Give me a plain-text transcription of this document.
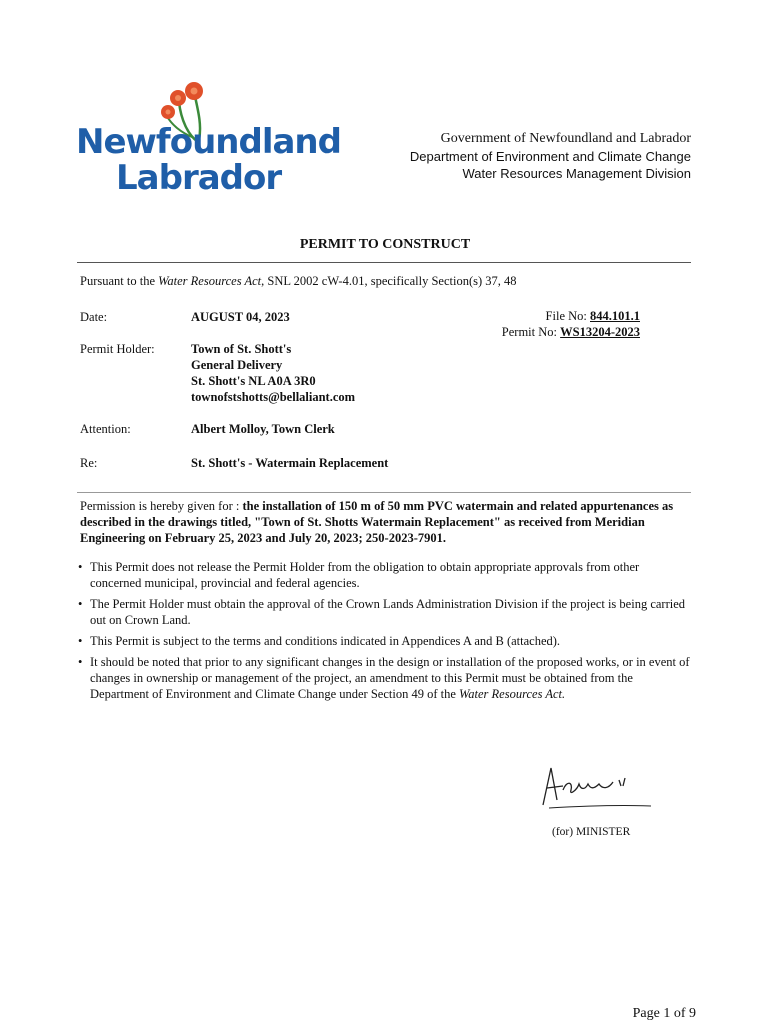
Newfoundland
Labrador
Government of Newfoundland and Labrador
Department of Environment and Climate Change
Water Resources Management Division
PERMIT TO CONSTRUCT
Pursuant to the Water Resources Act, SNL 2002 cW-4.01, specifically Section(s) 37, 48
Date:	AUGUST 04, 2023	File No: 844.101.1
Permit No: WS13204-2023
Permit Holder:	Town of St. Shott's
General Delivery
St. Shott's NL A0A 3R0
townofstshotts@bellaliant.com
Attention:	Albert Molloy, Town Clerk
Re:	St. Shott's - Watermain Replacement
Permission is hereby given for : the installation of 150 m of 50 mm PVC watermain and related appurtenances as described in the drawings titled, "Town of St. Shotts Watermain Replacement" as received from Meridian Engineering on February 25, 2023 and July 20, 2023; 250-2023-7901.
• This Permit does not release the Permit Holder from the obligation to obtain appropriate approvals from other concerned municipal, provincial and federal agencies.
• The Permit Holder must obtain the approval of the Crown Lands Administration Division if the project is being carried out on Crown Land.
• This Permit is subject to the terms and conditions indicated in Appendices A and B (attached).
• It should be noted that prior to any significant changes in the design or installation of the proposed works, or in event of changes in ownership or management of the project, an amendment to this Permit must be obtained from the Department of Environment and Climate Change under Section 49 of the Water Resources Act.
(for) MINISTER
Page 1 of 9
